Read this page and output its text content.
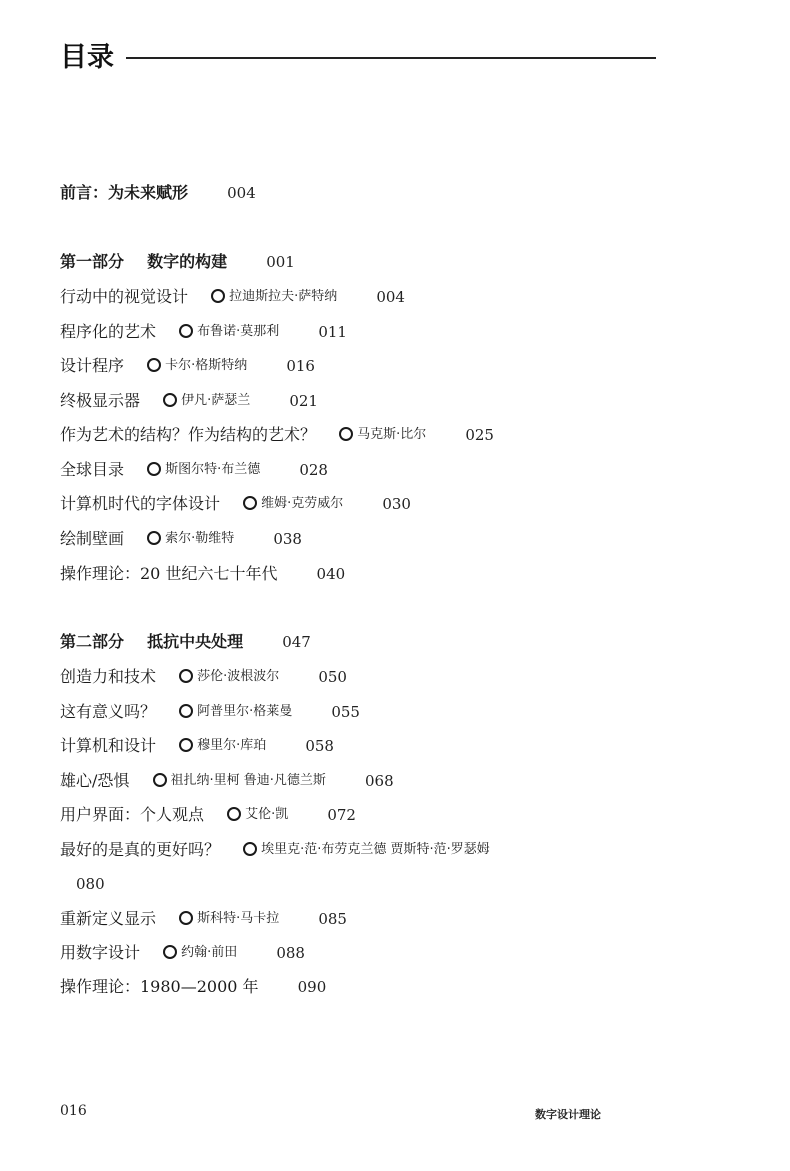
目录
前言：为未来赋形	004
第一部分 数字的构建	001
行动中的视觉设计	拉迪斯拉夫·萨特纳	004
程序化的艺术	布鲁诺·莫那利	011
设计程序	卡尔·格斯特纳	016
终极显示器	伊凡·萨瑟兰	021
作为艺术的结构？作为结构的艺术？	马克斯·比尔	025
全球目录	斯图尔特·布兰德	028
计算机时代的字体设计	维姆·克劳威尔	030
绘制壁画	索尔·勒维特	038
操作理论：20 世纪六七十年代	040
第二部分 抵抗中央处理	047
创造力和技术	莎伦·波根波尔	050
这有意义吗？	阿普里尔·格莱曼	055
计算机和设计	穆里尔·库珀	058
雄心/恐惧	祖扎纳·里柯 鲁迪·凡德兰斯	068
用户界面：个人观点	艾伦·凯	072
最好的是真的更好吗？	埃里克·范·布劳克兰德 贾斯特·范·罗瑟姆
080
重新定义显示	斯科特·马卡拉	085
用数字设计	约翰·前田	088
操作理论：1980—2000 年	090
016	数字设计理论
